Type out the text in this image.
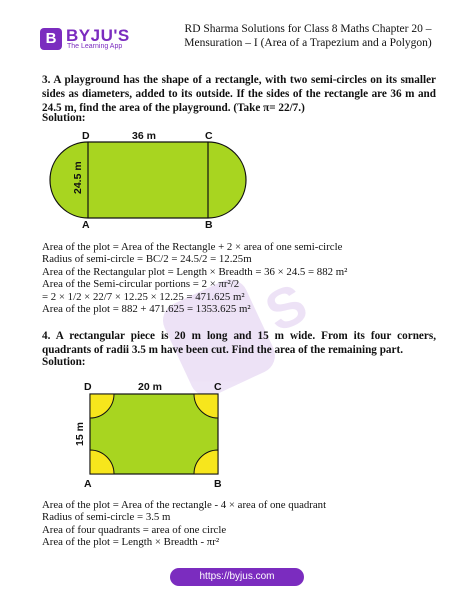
B BYJU'S
The Learning App
RD Sharma Solutions for Class 8 Maths Chapter 20 –
Mensuration – I (Area of a Trapezium and a Polygon)
S
3. A playground has the shape of a rectangle, with two semi-circles on its smaller sides as diameters, added to its outside. If the sides of the rectangle are 36 m and 24.5 m, find the area of the playground. (Take π= 22/7.)
Solution:
D	C
A	B
36 m
24.5 m
Area of the plot = Area of the Rectangle + 2 × area of one semi-circle
Radius of semi-circle = BC/2 = 24.5/2 = 12.25m
Area of the Rectangular plot = Length × Breadth = 36 × 24.5 = 882 m²
Area of the Semi-circular portions = 2 × πr²/2
= 2 × 1/2 × 22/7 × 12.25 × 12.25 = 471.625 m²
Area of the plot = 882 + 471.625 = 1353.625 m²
4. A rectangular piece is 20 m long and 15 m wide. From its four corners, quadrants of radii 3.5 m have been cut. Find the area of the remaining part.
Solution:
D	C
A	B
20 m
15 m
Area of the plot = Area of the rectangle - 4 × area of one quadrant
Radius of semi-circle = 3.5 m
Area of four quadrants = area of one circle
Area of the plot = Length × Breadth - πr²
https://byjus.com
